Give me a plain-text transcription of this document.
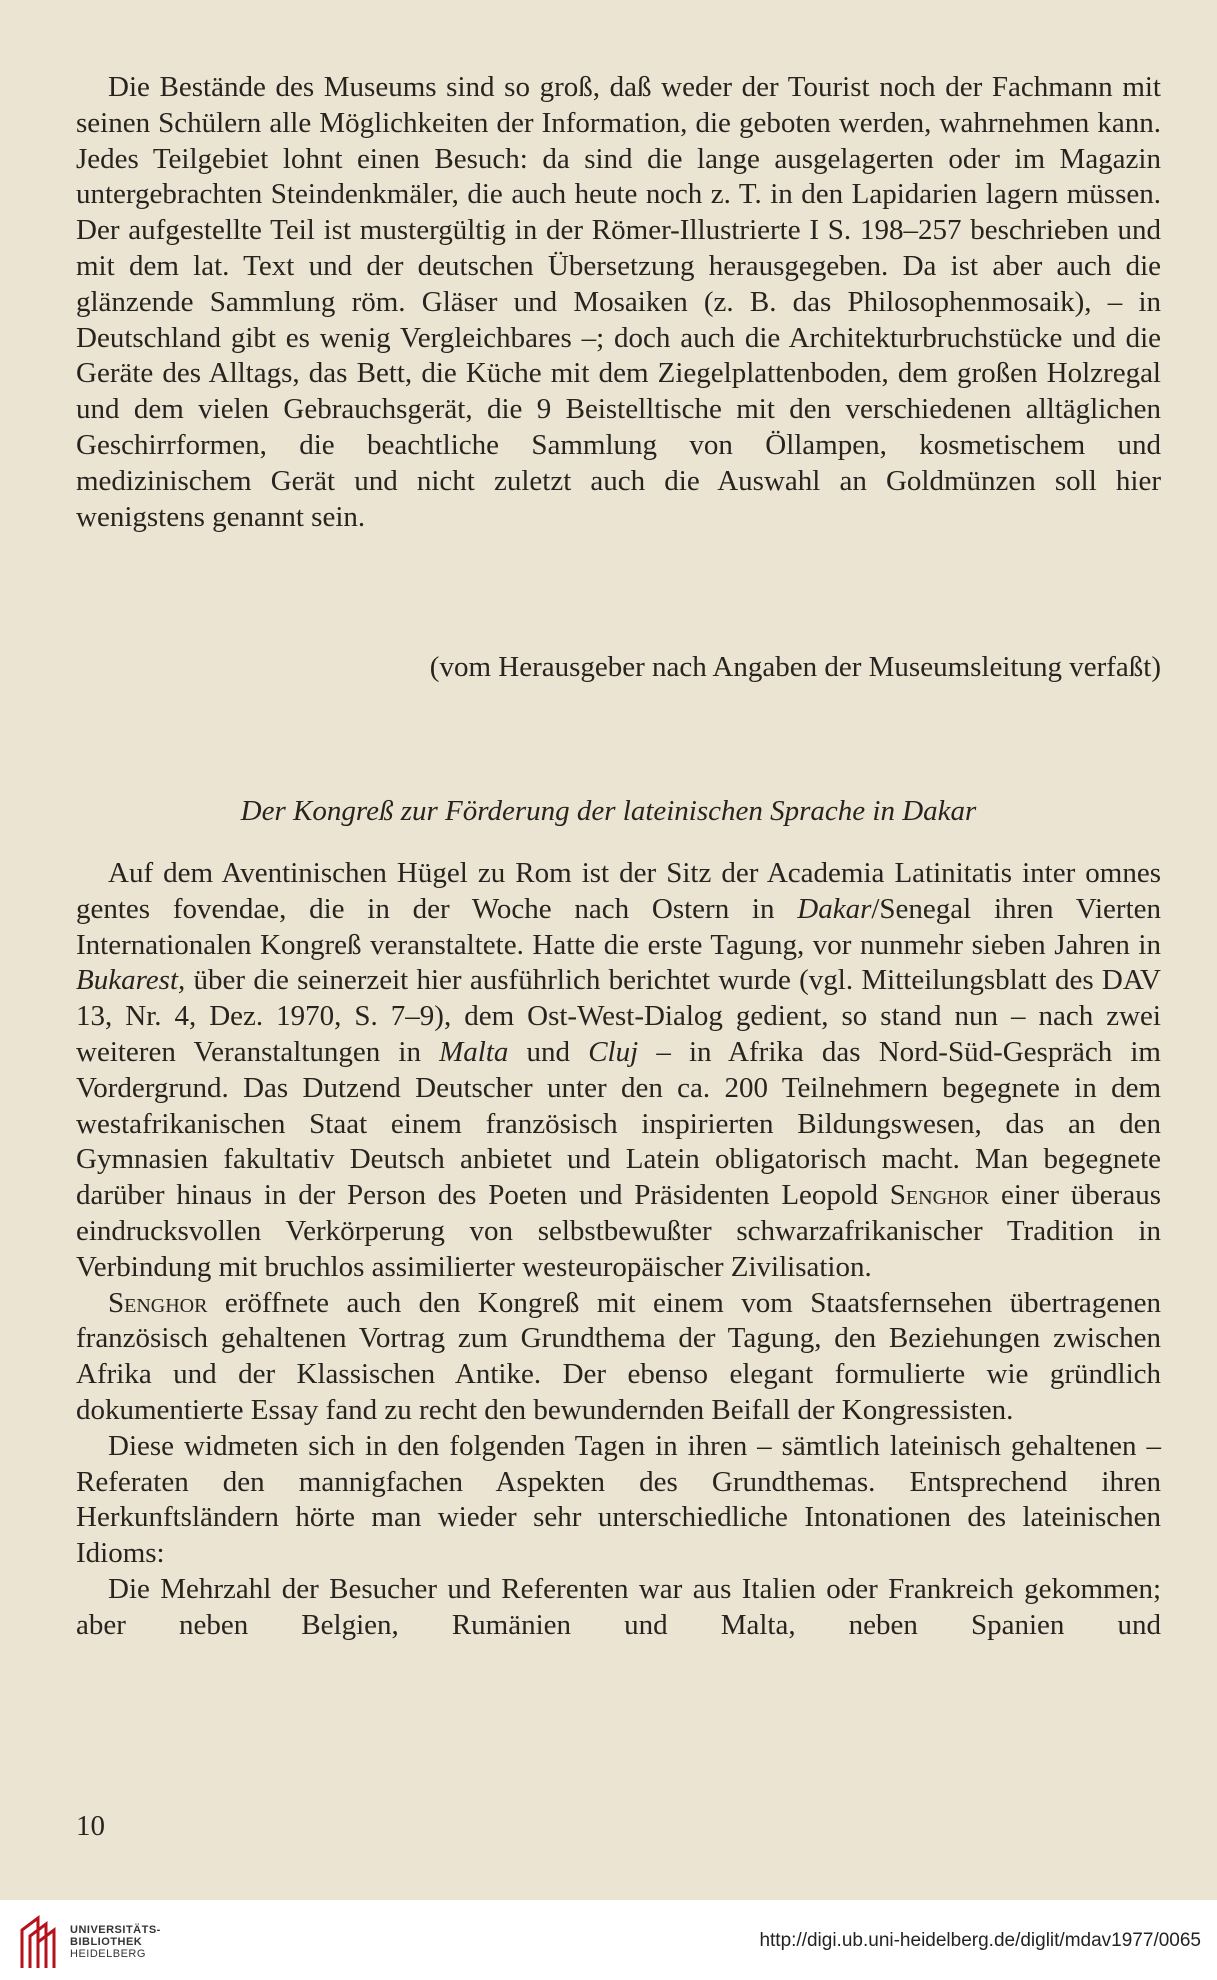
Die Bestände des Museums sind so groß, daß weder der Tourist noch der Fachmann mit seinen Schülern alle Möglichkeiten der Information, die geboten werden, wahrnehmen kann. Jedes Teilgebiet lohnt einen Besuch: da sind die lange ausgelagerten oder im Magazin untergebrachten Steindenkmäler, die auch heute noch z. T. in den Lapidarien lagern müssen. Der aufgestellte Teil ist mustergültig in der Römer-Illustrierte I S. 198–257 beschrieben und mit dem lat. Text und der deutschen Übersetzung herausgegeben. Da ist aber auch die glänzende Sammlung röm. Gläser und Mosaiken (z. B. das Philosophenmosaik), – in Deutschland gibt es wenig Vergleichbares –; doch auch die Architekturbruchstücke und die Geräte des Alltags, das Bett, die Küche mit dem Ziegelplattenboden, dem großen Holzregal und dem vielen Gebrauchsgerät, die 9 Beistelltische mit den verschiedenen alltäglichen Geschirrformen, die beachtliche Sammlung von Öllampen, kosmetischem und medizinischem Gerät und nicht zuletzt auch die Auswahl an Goldmünzen soll hier wenigstens genannt sein.

(vom Herausgeber nach Angaben der Museumsleitung verfaßt)

Der Kongreß zur Förderung der lateinischen Sprache in Dakar

Auf dem Aventinischen Hügel zu Rom ist der Sitz der Academia Latinitatis inter omnes gentes fovendae, die in der Woche nach Ostern in Dakar/Senegal ihren Vierten Internationalen Kongreß veranstaltete. Hatte die erste Tagung, vor nunmehr sieben Jahren in Bukarest, über die seinerzeit hier ausführlich berichtet wurde (vgl. Mitteilungsblatt des DAV 13, Nr. 4, Dez. 1970, S. 7–9), dem Ost-West-Dialog gedient, so stand nun – nach zwei weiteren Veranstaltungen in Malta und Cluj – in Afrika das Nord-Süd-Gespräch im Vordergrund. Das Dutzend Deutscher unter den ca. 200 Teilnehmern begegnete in dem westafrikanischen Staat einem französisch inspirierten Bildungswesen, das an den Gymnasien fakultativ Deutsch anbietet und Latein obligatorisch macht. Man begegnete darüber hinaus in der Person des Poeten und Präsidenten Leopold Senghor einer überaus eindrucksvollen Verkörperung von selbstbewußter schwarzafrikanischer Tradition in Verbindung mit bruchlos assimilierter westeuropäischer Zivilisation.

Senghor eröffnete auch den Kongreß mit einem vom Staatsfernsehen übertragenen französisch gehaltenen Vortrag zum Grundthema der Tagung, den Beziehungen zwischen Afrika und der Klassischen Antike. Der ebenso elegant formulierte wie gründlich dokumentierte Essay fand zu recht den bewundernden Beifall der Kongressisten.

Diese widmeten sich in den folgenden Tagen in ihren – sämtlich lateinisch gehaltenen – Referaten den mannigfachen Aspekten des Grundthemas. Entsprechend ihren Herkunftsländern hörte man wieder sehr unterschiedliche Intonationen des lateinischen Idioms:

Die Mehrzahl der Besucher und Referenten war aus Italien oder Frankreich gekommen; aber neben Belgien, Rumänien und Malta, neben Spanien und

10

UNIVERSITÄTS-
BIBLIOTHEK
HEIDELBERG
http://digi.ub.uni-heidelberg.de/diglit/mdav1977/0065
